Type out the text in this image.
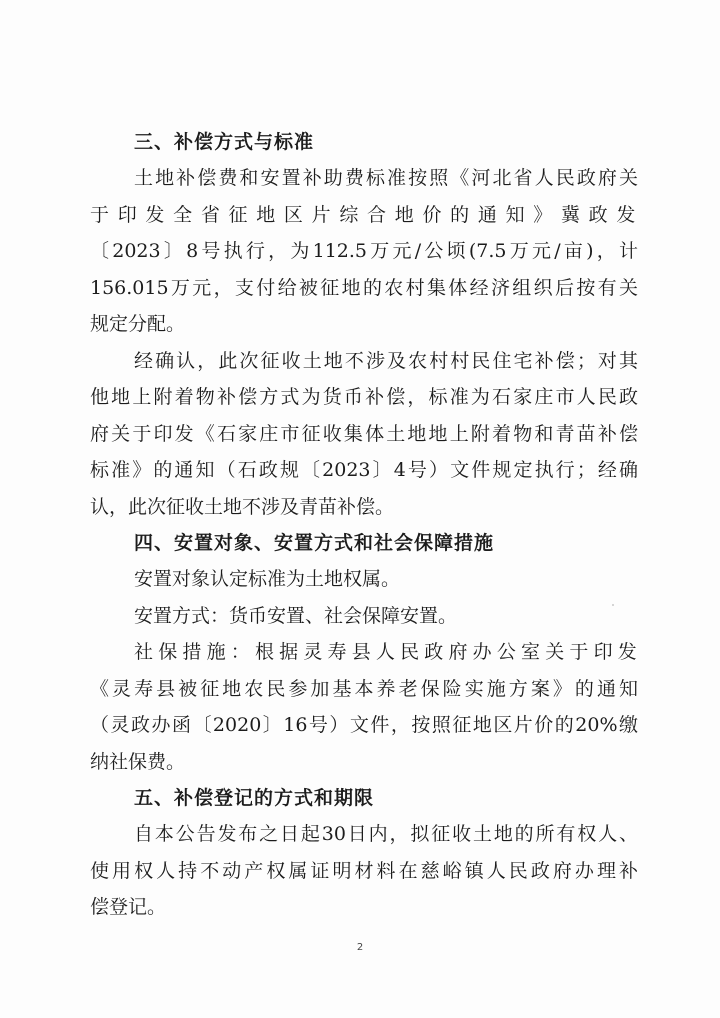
三、补偿方式与标准

土地补偿费和安置补助费标准按照《河北省人民政府关
于印发全省征地区片综合地价的通知》冀政发
〔2023〕8号执行，为112.5万元/公顷(7.5万元/亩)，计
156.015万元，支付给被征地的农村集体经济组织后按有关
规定分配。

经确认，此次征收土地不涉及农村村民住宅补偿；对其
他地上附着物补偿方式为货币补偿，标准为石家庄市人民政
府关于印发《石家庄市征收集体土地地上附着物和青苗补偿
标准》的通知（石政规〔2023〕4号）文件规定执行；经确
认，此次征收土地不涉及青苗补偿。

四、安置对象、安置方式和社会保障措施

安置对象认定标准为土地权属。

安置方式：货币安置、社会保障安置。

社保措施：根据灵寿县人民政府办公室关于印发
《灵寿县被征地农民参加基本养老保险实施方案》的通知
（灵政办函〔2020〕16号）文件，按照征地区片价的20%缴
纳社保费。

五、补偿登记的方式和期限

自本公告发布之日起30日内，拟征收土地的所有权人、
使用权人持不动产权属证明材料在慈峪镇人民政府办理补
偿登记。

2
